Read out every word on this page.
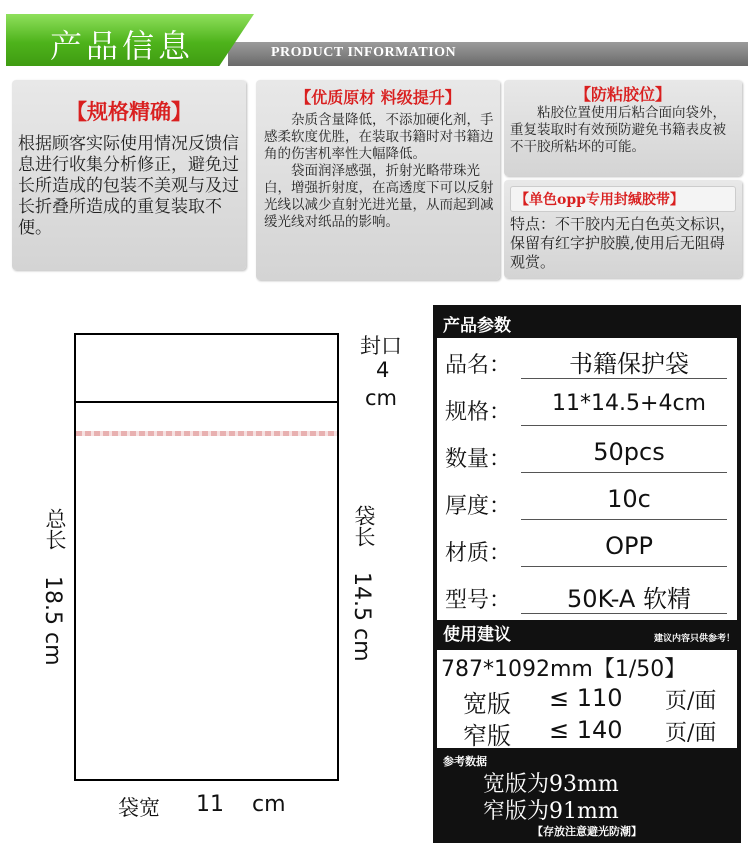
产品信息	PRODUCT INFORMATION
【规格精确】
根据顾客实际使用情况反馈信息进行收集分析修正，避免过长所造成的包装不美观与及过长折叠所造成的重复装取不便。
【优质原材 料级提升】
杂质含量降低，不添加硬化剂，手感柔软度优胜，在装取书籍时对书籍边角的伤害机率性大幅降低。
袋面润泽感强，折射光略带珠光白，增强折射度，在高透度下可以反射光线以减少直射光进光量，从而起到减缓光线对纸品的影响。
【防粘胶位】
粘胶位置使用后粘合面向袋外，重复装取时有效预防避免书籍表皮被不干胶所粘坏的可能。
【单色opp专用封缄胶带】
特点：不干胶内无白色英文标识，保留有红字护胶膜,使用后无阻碍观赏。
封口
4
cm
总长
18.5 cm
袋长
14.5 cm
袋宽 11 cm
产品参数
品名：	书籍保护袋
规格：	11*14.5+4cm
数量：	50pcs
厚度：	10c
材质：	OPP
型号：	50K-A 软精
使用建议	建议内容只供参考！
787*1092mm【1/50】
宽版 ≤ 110 页/面
窄版 ≤ 140 页/面
参考数据
宽版为93mm
窄版为91mm
【存放注意避光防潮】
